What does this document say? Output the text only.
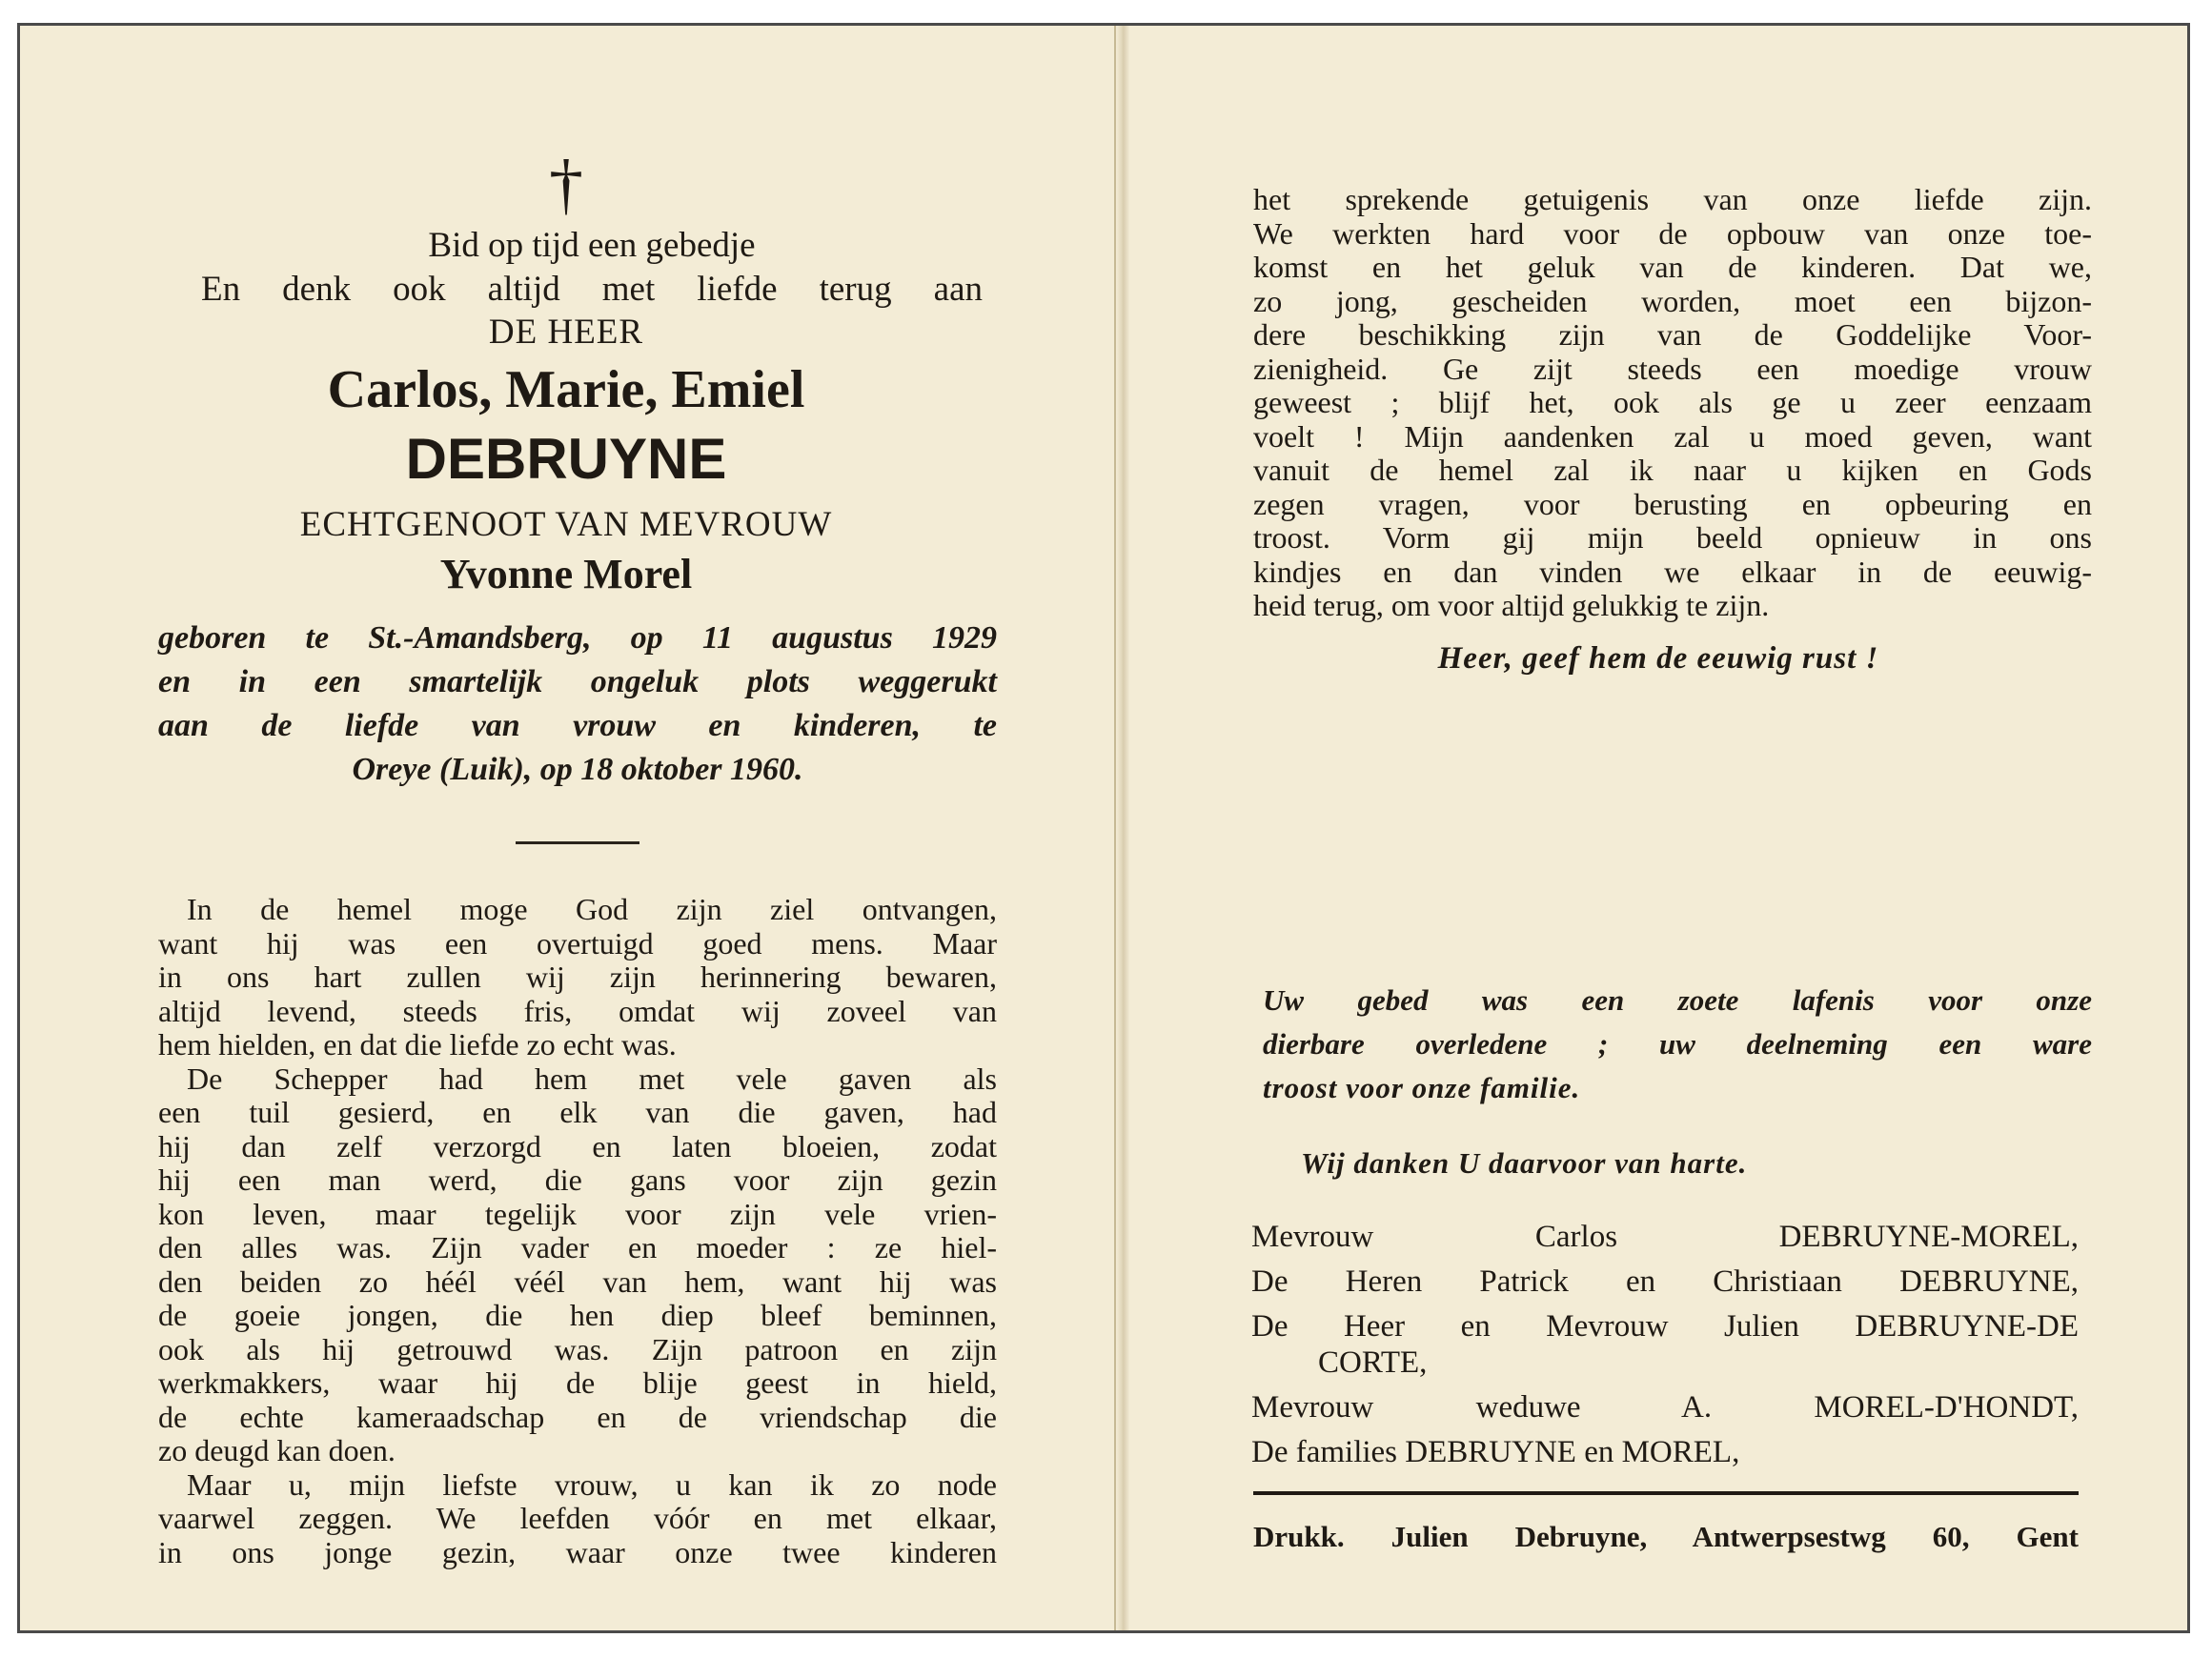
†
Bid op tijd een gebedje
En denk ook altijd met liefde terug aan
DE HEER
Carlos, Marie, Emiel
DEBRUYNE
ECHTGENOOT VAN MEVROUW
Yvonne Morel
geboren te St.-Amandsberg, op 11 augustus 1929
en in een smartelijk ongeluk plots weggerukt
aan de liefde van vrouw en kinderen, te
Oreye (Luik), op 18 oktober 1960.
In de hemel moge God zijn ziel ontvangen,
want hij was een overtuigd goed mens. Maar
in ons hart zullen wij zijn herinnering bewaren,
altijd levend, steeds fris, omdat wij zoveel van
hem hielden, en dat die liefde zo echt was.
De Schepper had hem met vele gaven als
een tuil gesierd, en elk van die gaven, had
hij dan zelf verzorgd en laten bloeien, zodat
hij een man werd, die gans voor zijn gezin
kon leven, maar tegelijk voor zijn vele vrien-
den alles was. Zijn vader en moeder : ze hiel-
den beiden zo héél véél van hem, want hij was
de goeie jongen, die hen diep bleef beminnen,
ook als hij getrouwd was. Zijn patroon en zijn
werkmakkers, waar hij de blije geest in hield,
de echte kameraadschap en de vriendschap die
zo deugd kan doen.
Maar u, mijn liefste vrouw, u kan ik zo node
vaarwel zeggen. We leefden vóór en met elkaar,
in ons jonge gezin, waar onze twee kinderen
het sprekende getuigenis van onze liefde zijn.
We werkten hard voor de opbouw van onze toe-
komst en het geluk van de kinderen. Dat we,
zo jong, gescheiden worden, moet een bijzon-
dere beschikking zijn van de Goddelijke Voor-
zienigheid. Ge zijt steeds een moedige vrouw
geweest ; blijf het, ook als ge u zeer eenzaam
voelt ! Mijn aandenken zal u moed geven, want
vanuit de hemel zal ik naar u kijken en Gods
zegen vragen, voor berusting en opbeuring en
troost. Vorm gij mijn beeld opnieuw in ons
kindjes en dan vinden we elkaar in de eeuwig-
heid terug, om voor altijd gelukkig te zijn.
Heer, geef hem de eeuwig rust !
Uw gebed was een zoete lafenis voor onze
dierbare overledene ; uw deelneming een ware
troost voor onze familie.
Wij danken U daarvoor van harte.
Mevrouw Carlos DEBRUYNE-MOREL,
De Heren Patrick en Christiaan DEBRUYNE,
De Heer en Mevrouw Julien DEBRUYNE-DE
CORTE,
Mevrouw weduwe A. MOREL-D'HONDT,
De families DEBRUYNE en MOREL,
Drukk. Julien Debruyne, Antwerpsestwg 60, Gent
